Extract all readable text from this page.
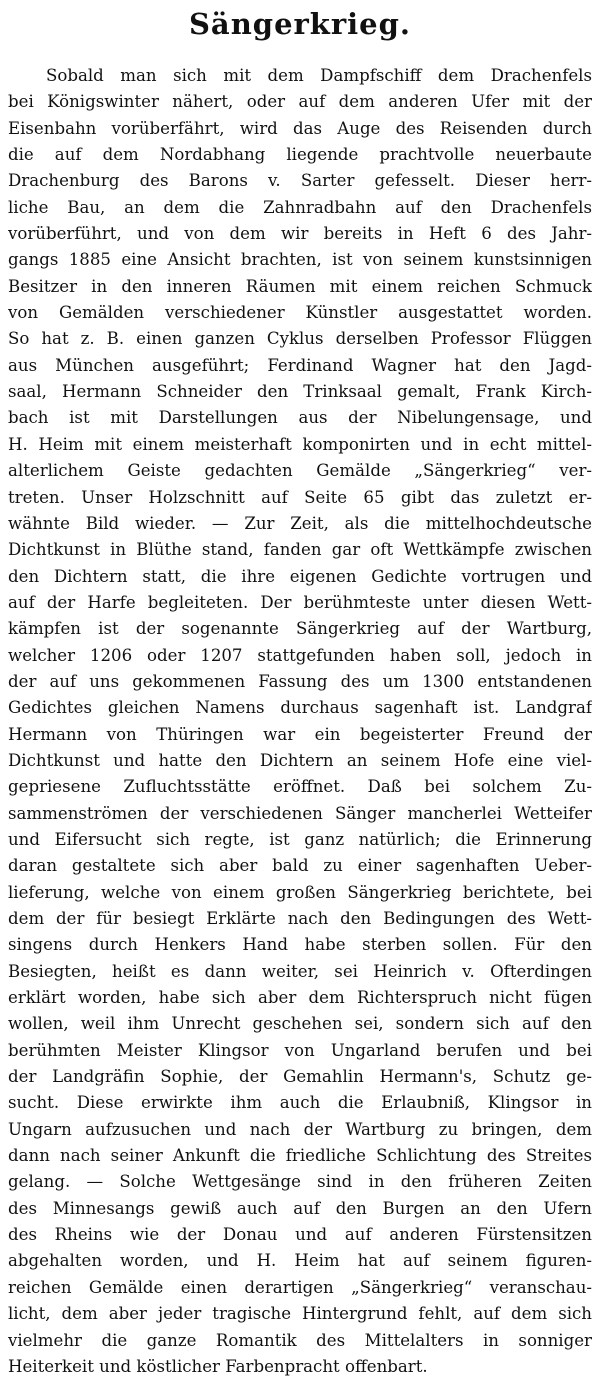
Sängerkrieg.
Sobald man sich mit dem Dampfschiff dem Drachenfels
bei Königswinter nähert, oder auf dem anderen Ufer mit der
Eisenbahn vorüberfährt, wird das Auge des Reisenden durch
die auf dem Nordabhang liegende prachtvolle neuerbaute
Drachenburg des Barons v. Sarter gefesselt. Dieser herr-
liche Bau, an dem die Zahnradbahn auf den Drachenfels
vorüberführt, und von dem wir bereits in Heft 6 des Jahr-
gangs 1885 eine Ansicht brachten, ist von seinem kunstsinnigen
Besitzer in den inneren Räumen mit einem reichen Schmuck
von Gemälden verschiedener Künstler ausgestattet worden.
So hat z. B. einen ganzen Cyklus derselben Professor Flüggen
aus München ausgeführt; Ferdinand Wagner hat den Jagd-
saal, Hermann Schneider den Trinksaal gemalt, Frank Kirch-
bach ist mit Darstellungen aus der Nibelungensage, und
H. Heim mit einem meisterhaft komponirten und in echt mittel-
alterlichem Geiste gedachten Gemälde „Sängerkrieg“ ver-
treten. Unser Holzschnitt auf Seite 65 gibt das zuletzt er-
wähnte Bild wieder. — Zur Zeit, als die mittelhochdeutsche
Dichtkunst in Blüthe stand, fanden gar oft Wettkämpfe zwischen
den Dichtern statt, die ihre eigenen Gedichte vortrugen und
auf der Harfe begleiteten. Der berühmteste unter diesen Wett-
kämpfen ist der sogenannte Sängerkrieg auf der Wartburg,
welcher 1206 oder 1207 stattgefunden haben soll, jedoch in
der auf uns gekommenen Fassung des um 1300 entstandenen
Gedichtes gleichen Namens durchaus sagenhaft ist. Landgraf
Hermann von Thüringen war ein begeisterter Freund der
Dichtkunst und hatte den Dichtern an seinem Hofe eine viel-
gepriesene Zufluchtsstätte eröffnet. Daß bei solchem Zu-
sammenströmen der verschiedenen Sänger mancherlei Wetteifer
und Eifersucht sich regte, ist ganz natürlich; die Erinnerung
daran gestaltete sich aber bald zu einer sagenhaften Ueber-
lieferung, welche von einem großen Sängerkrieg berichtete, bei
dem der für besiegt Erklärte nach den Bedingungen des Wett-
singens durch Henkers Hand habe sterben sollen. Für den
Besiegten, heißt es dann weiter, sei Heinrich v. Ofterdingen
erklärt worden, habe sich aber dem Richterspruch nicht fügen
wollen, weil ihm Unrecht geschehen sei, sondern sich auf den
berühmten Meister Klingsor von Ungarland berufen und bei
der Landgräfin Sophie, der Gemahlin Hermann's, Schutz ge-
sucht. Diese erwirkte ihm auch die Erlaubniß, Klingsor in
Ungarn aufzusuchen und nach der Wartburg zu bringen, dem
dann nach seiner Ankunft die friedliche Schlichtung des Streites
gelang. — Solche Wettgesänge sind in den früheren Zeiten
des Minnesangs gewiß auch auf den Burgen an den Ufern
des Rheins wie der Donau und auf anderen Fürstensitzen
abgehalten worden, und H. Heim hat auf seinem figuren-
reichen Gemälde einen derartigen „Sängerkrieg“ veranschau-
licht, dem aber jeder tragische Hintergrund fehlt, auf dem sich
vielmehr die ganze Romantik des Mittelalters in sonniger
Heiterkeit und köstlicher Farbenpracht offenbart.
